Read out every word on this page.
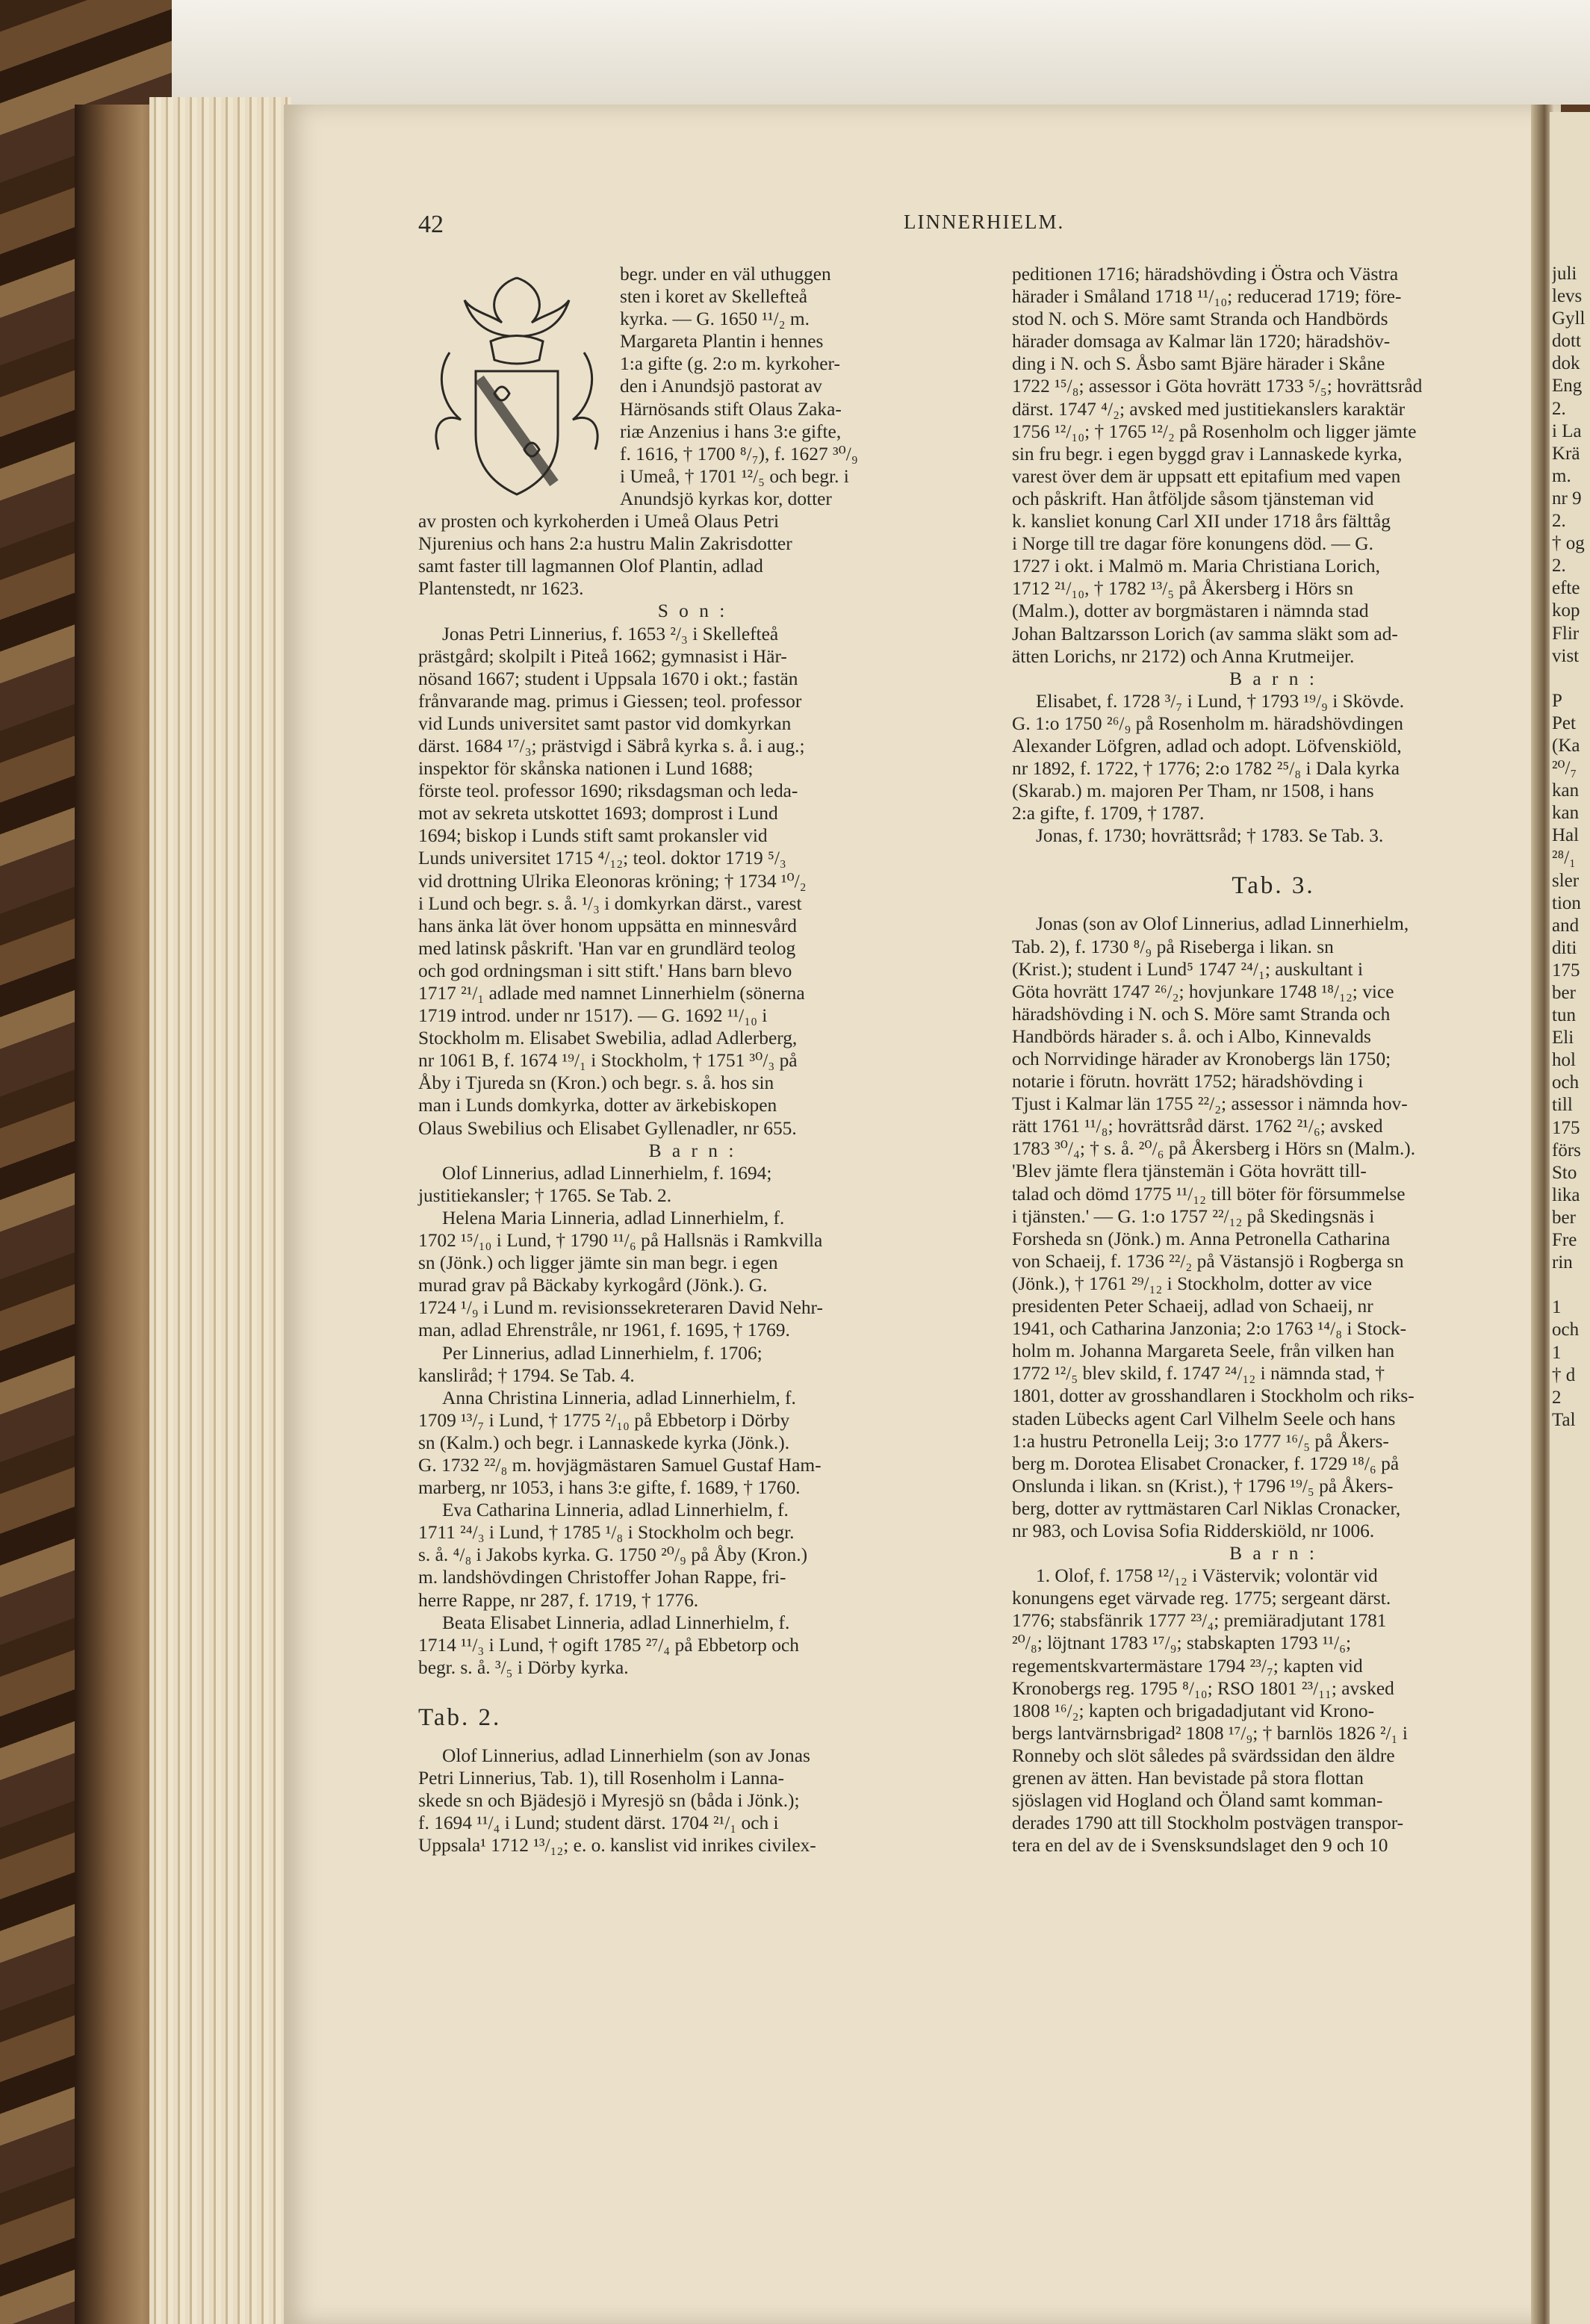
42	LINNERHIELM.

begr. under en väl uthuggen

sten i koret av Skellefteå

kyrka. — G. 1650 ¹¹/₂ m.

Margareta Plantin i hennes

1:a gifte (g. 2:o m. kyrkoher-

den i Anundsjö pastorat av

Härnösands stift Olaus Zaka-

riæ Anzenius i hans 3:e gifte,

f. 1616, † 1700 ⁸/₇), f. 1627 ³⁰/₉

i Umeå, † 1701 ¹²/₅ och begr. i

Anundsjö kyrkas kor, dotter

av prosten och kyrkoherden i Umeå Olaus Petri

Njurenius och hans 2:a hustru Malin Zakrisdotter

samt faster till lagmannen Olof Plantin, adlad

Plantenstedt, nr 1623.

S o n :

Jonas Petri Linnerius, f. 1653 ²/₃ i Skellefteå

prästgård; skolpilt i Piteå 1662; gymnasist i Här-

nösand 1667; student i Uppsala 1670 i okt.; fastän

frånvarande mag. primus i Giessen; teol. professor

vid Lunds universitet samt pastor vid domkyrkan

därst. 1684 ¹⁷/₃; prästvigd i Säbrå kyrka s. å. i aug.;

inspektor för skånska nationen i Lund 1688;

förste teol. professor 1690; riksdagsman och leda-

mot av sekreta utskottet 1693; domprost i Lund

1694; biskop i Lunds stift samt prokansler vid

Lunds universitet 1715 ⁴/₁₂; teol. doktor 1719 ⁵/₃

vid drottning Ulrika Eleonoras kröning; † 1734 ¹⁰/₂

i Lund och begr. s. å. ¹/₃ i domkyrkan därst., varest

hans änka lät över honom uppsätta en minnesvård

med latinsk påskrift. 'Han var en grundlärd teolog

och god ordningsman i sitt stift.' Hans barn blevo

1717 ²¹/₁ adlade med namnet Linnerhielm (sönerna

1719 introd. under nr 1517). — G. 1692 ¹¹/₁₀ i

Stockholm m. Elisabet Swebilia, adlad Adlerberg,

nr 1061 B, f. 1674 ¹⁹/₁ i Stockholm, † 1751 ³⁰/₃ på

Åby i Tjureda sn (Kron.) och begr. s. å. hos sin

man i Lunds domkyrka, dotter av ärkebiskopen

Olaus Swebilius och Elisabet Gyllenadler, nr 655.

B a r n :

Olof Linnerius, adlad Linnerhielm, f. 1694;

justitiekansler; † 1765. Se Tab. 2.

Helena Maria Linneria, adlad Linnerhielm, f.

1702 ¹⁵/₁₀ i Lund, † 1790 ¹¹/₆ på Hallsnäs i Ramkvilla

sn (Jönk.) och ligger jämte sin man begr. i egen

murad grav på Bäckaby kyrkogård (Jönk.). G.

1724 ¹/₉ i Lund m. revisionssekreteraren David Nehr-

man, adlad Ehrenstråle, nr 1961, f. 1695, † 1769.

Per Linnerius, adlad Linnerhielm, f. 1706;

kansliråd; † 1794. Se Tab. 4.

Anna Christina Linneria, adlad Linnerhielm, f.

1709 ¹³/₇ i Lund, † 1775 ²/₁₀ på Ebbetorp i Dörby

sn (Kalm.) och begr. i Lannaskede kyrka (Jönk.).

G. 1732 ²²/₈ m. hovjägmästaren Samuel Gustaf Ham-

marberg, nr 1053, i hans 3:e gifte, f. 1689, † 1760.

Eva Catharina Linneria, adlad Linnerhielm, f.

1711 ²⁴/₃ i Lund, † 1785 ¹/₈ i Stockholm och begr.

s. å. ⁴/₈ i Jakobs kyrka. G. 1750 ²⁰/₉ på Åby (Kron.)

m. landshövdingen Christoffer Johan Rappe, fri-

herre Rappe, nr 287, f. 1719, † 1776.

Beata Elisabet Linneria, adlad Linnerhielm, f.

1714 ¹¹/₃ i Lund, † ogift 1785 ²⁷/₄ på Ebbetorp och

begr. s. å. ³/₅ i Dörby kyrka.

Tab. 2.

Olof Linnerius, adlad Linnerhielm (son av Jonas

Petri Linnerius, Tab. 1), till Rosenholm i Lanna-

skede sn och Bjädesjö i Myresjö sn (båda i Jönk.);

f. 1694 ¹¹/₄ i Lund; student därst. 1704 ²¹/₁ och i

Uppsala¹ 1712 ¹³/₁₂; e. o. kanslist vid inrikes civilex-

peditionen 1716; häradshövding i Östra och Västra

härader i Småland 1718 ¹¹/₁₀; reducerad 1719; före-

stod N. och S. Möre samt Stranda och Handbörds

härader domsaga av Kalmar län 1720; häradshöv-

ding i N. och S. Åsbo samt Bjäre härader i Skåne

1722 ¹⁵/₈; assessor i Göta hovrätt 1733 ⁵/₅; hovrättsråd

därst. 1747 ⁴/₂; avsked med justitiekanslers karaktär

1756 ¹²/₁₀; † 1765 ¹²/₂ på Rosenholm och ligger jämte

sin fru begr. i egen byggd grav i Lannaskede kyrka,

varest över dem är uppsatt ett epitafium med vapen

och påskrift. Han åtföljde såsom tjänsteman vid

k. kansliet konung Carl XII under 1718 års fälttåg

i Norge till tre dagar före konungens död. — G.

1727 i okt. i Malmö m. Maria Christiana Lorich,

1712 ²¹/₁₀, † 1782 ¹³/₅ på Åkersberg i Hörs sn

(Malm.), dotter av borgmästaren i nämnda stad

Johan Baltzarsson Lorich (av samma släkt som ad-

ätten Lorichs, nr 2172) och Anna Krutmeijer.

B a r n :

Elisabet, f. 1728 ³/₇ i Lund, † 1793 ¹⁹/₉ i Skövde.

G. 1:o 1750 ²⁶/₉ på Rosenholm m. häradshövdingen

Alexander Löfgren, adlad och adopt. Löfvenskiöld,

nr 1892, f. 1722, † 1776; 2:o 1782 ²⁵/₈ i Dala kyrka

(Skarab.) m. majoren Per Tham, nr 1508, i hans

2:a gifte, f. 1709, † 1787.

Jonas, f. 1730; hovrättsråd; † 1783. Se Tab. 3.

Tab. 3.

Jonas (son av Olof Linnerius, adlad Linnerhielm,

Tab. 2), f. 1730 ⁸/₉ på Riseberga i likan. sn

(Krist.); student i Lund⁵ 1747 ²⁴/₁; auskultant i

Göta hovrätt 1747 ²⁶/₂; hovjunkare 1748 ¹⁸/₁₂; vice

häradshövding i N. och S. Möre samt Stranda och

Handbörds härader s. å. och i Albo, Kinnevalds

och Norrvidinge härader av Kronobergs län 1750;

notarie i förutn. hovrätt 1752; häradshövding i

Tjust i Kalmar län 1755 ²²/₂; assessor i nämnda hov-

rätt 1761 ¹¹/₈; hovrättsråd därst. 1762 ²¹/₆; avsked

1783 ³⁰/₄; † s. å. ²⁰/₆ på Åkersberg i Hörs sn (Malm.).

'Blev jämte flera tjänstemän i Göta hovrätt till-

talad och dömd 1775 ¹¹/₁₂ till böter för försummelse

i tjänsten.' — G. 1:o 1757 ²²/₁₂ på Skedingsnäs i

Forsheda sn (Jönk.) m. Anna Petronella Catharina

von Schaeij, f. 1736 ²²/₂ på Västansjö i Rogberga sn

(Jönk.), † 1761 ²⁹/₁₂ i Stockholm, dotter av vice

presidenten Peter Schaeij, adlad von Schaeij, nr

1941, och Catharina Janzonia; 2:o 1763 ¹⁴/₈ i Stock-

holm m. Johanna Margareta Seele, från vilken han

1772 ¹²/₅ blev skild, f. 1747 ²⁴/₁₂ i nämnda stad, †

1801, dotter av grosshandlaren i Stockholm och riks-

staden Lübecks agent Carl Vilhelm Seele och hans

1:a hustru Petronella Leij; 3:o 1777 ¹⁶/₅ på Åkers-

berg m. Dorotea Elisabet Cronacker, f. 1729 ¹⁸/₆ på

Onslunda i likan. sn (Krist.), † 1796 ¹⁹/₅ på Åkers-

berg, dotter av ryttmästaren Carl Niklas Cronacker,

nr 983, och Lovisa Sofia Ridderskiöld, nr 1006.

B a r n :

1. Olof, f. 1758 ¹²/₁₂ i Västervik; volontär vid

konungens eget värvade reg. 1775; sergeant därst.

1776; stabsfänrik 1777 ²³/₄; premiäradjutant 1781

²⁰/₈; löjtnant 1783 ¹⁷/₉; stabskapten 1793 ¹¹/₆;

regementskvartermästare 1794 ²³/₇; kapten vid

Kronobergs reg. 1795 ⁸/₁₀; RSO 1801 ²³/₁₁; avsked

1808 ¹⁶/₂; kapten och brigadadjutant vid Krono-

bergs lantvärnsbrigad² 1808 ¹⁷/₉; † barnlös 1826 ²/₁ i

Ronneby och slöt således på svärdssidan den äldre

grenen av ätten. Han bevistade på stora flottan

sjöslagen vid Hogland och Öland samt komman-

derades 1790 att till Stockholm postvägen transpor-

tera en del av de i Svensksundslaget den 9 och 10

juli
levs
Gyll
dott
dok
Eng
2.
i La
Krä
m.
nr 9
2.
† og
2.
efte
kop
Flir
vist

P
Pet
(Ka
²⁰/₇
kan
kan
Hal
²⁸/₁
sler
tion
and
diti
175
ber
tun
Eli
hol
och
till
175
förs
Sto
lika
ber
Fre
rin

1
och
1
† d
2
Tal
